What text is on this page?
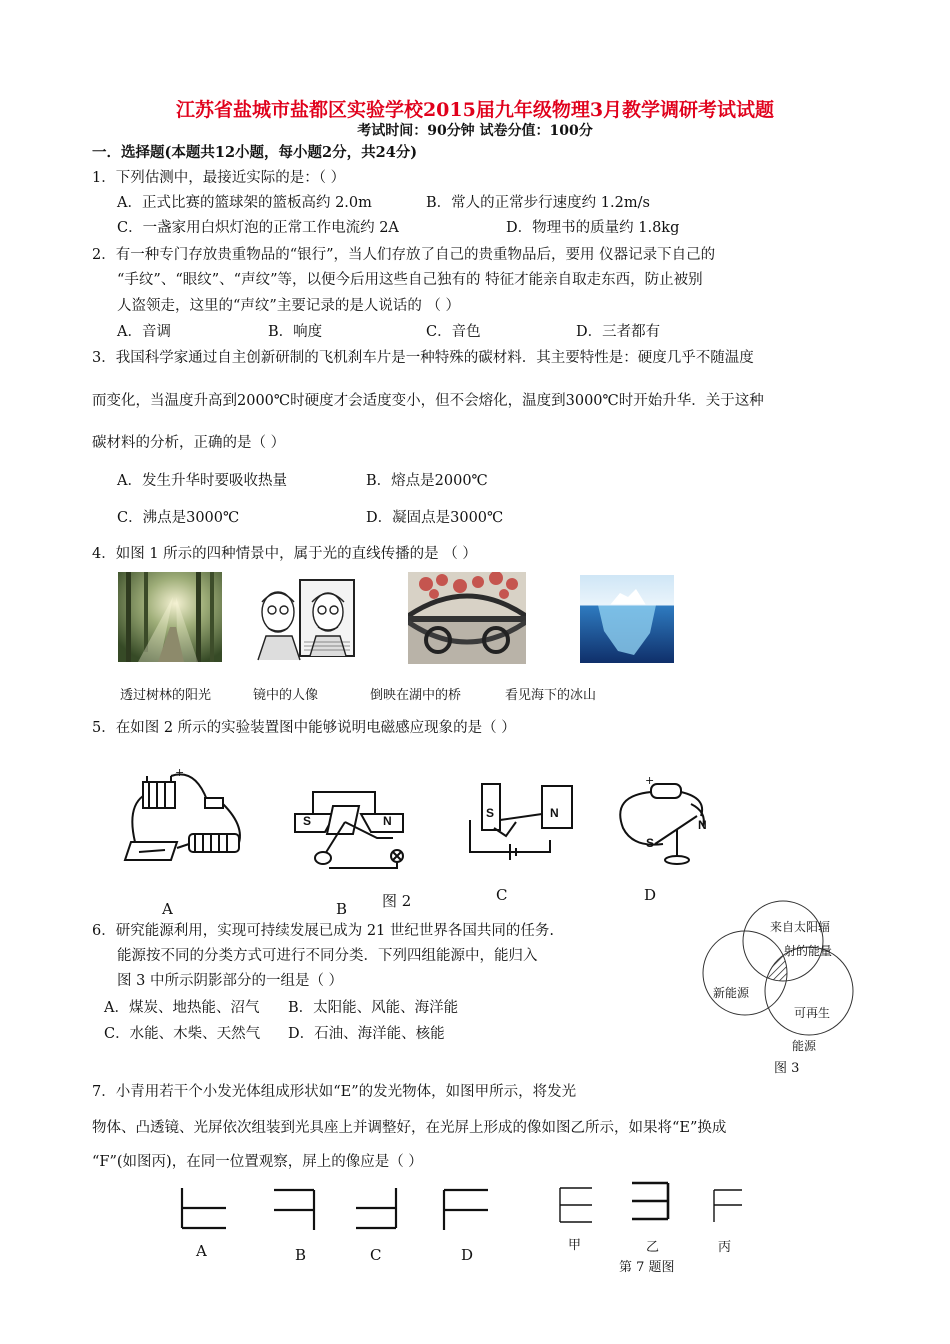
江苏省盐城市盐都区实验学校2015届九年级物理3月教学调研考试试题
考试时间：90分钟 试卷分值：100分
一．选择题(本题共12小题，每小题2分，共24分)
1．下列估测中，最接近实际的是：（ ）
A．正式比赛的篮球架的篮板高约 2.0m	B．常人的正常步行速度约 1.2m/s
C．一盏家用白炽灯泡的正常工作电流约 2A	D．物理书的质量约 1.8kg
2．有一种专门存放贵重物品的“银行”，当人们存放了自己的贵重物品后，要用 仪器记录下自己的
“手纹”、“眼纹”、“声纹”等，以便今后用这些自己独有的 特征才能亲自取走东西，防止被别
人盗领走，这里的“声纹”主要记录的是人说话的 （ ）
A．音调	B．响度	C．音色	D．三者都有
3．我国科学家通过自主创新研制的飞机刹车片是一种特殊的碳材料．其主要特性是：硬度几乎不随温度
而变化，当温度升高到2000℃时硬度才会适度变小，但不会熔化，温度到3000℃时开始升华．关于这种
碳材料的分析，正确的是（ ）
A．发生升华时要吸收热量	B．熔点是2000℃
C．沸点是3000℃	D．凝固点是3000℃
4．如图 1 所示的四种情景中，属于光的直线传播的是 （ ）
透过树林的阳光	镜中的人像	倒映在湖中的桥	看见海下的冰山
5．在如图 2 所示的实验装置图中能够说明电磁感应现象的是（ ）
+
S	N
S	N
+
S
N
A	B 图 2	C	D
6．研究能源利用，实现可持续发展已成为 21 世纪世界各国共同的任务.
能源按不同的分类方式可进行不同分类．下列四组能源中，能归入
图 3 中所示阴影部分的一组是（ ）
A．煤炭、地热能、沼气 B．太阳能、风能、海洋能
C．水能、木柴、天然气 D．石油、海洋能、核能
来自太阳辐
射的能量
新能源
可再生
能源
图 3
7．小青用若干个小发光体组成形状如“E”的发光物体，如图甲所示，将发光
物体、凸透镜、光屏依次组装到光具座上并调整好，在光屏上形成的像如图乙所示，如果将“E”换成
“F”(如图丙)，在同一位置观察，屏上的像应是（ ）
A	B	C	D
甲	乙	丙
第 7 题图
